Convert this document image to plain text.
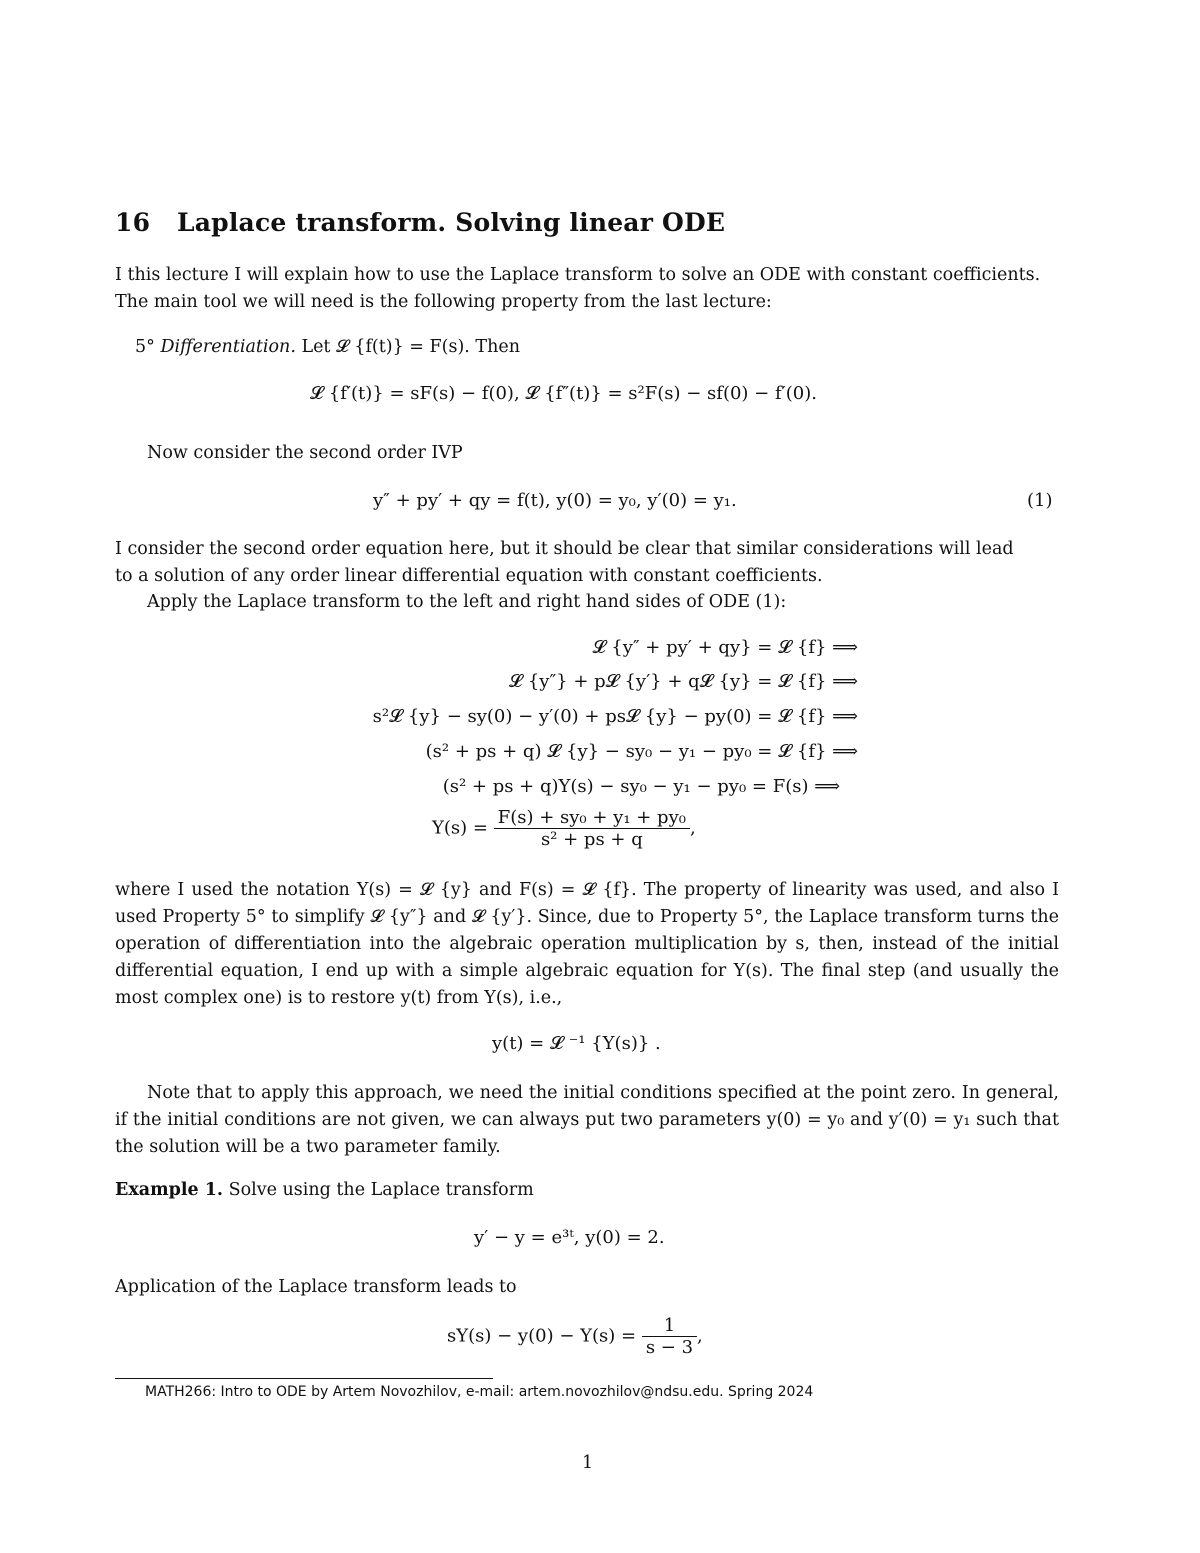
16 Laplace transform. Solving linear ODE
I this lecture I will explain how to use the Laplace transform to solve an ODE with constant coefficients.
The main tool we will need is the following property from the last lecture:
5° Differentiation. Let 𝓛 {f(t)} = F(s). Then
𝓛 {f′(t)} = sF(s) − f(0), 𝓛 {f″(t)} = s²F(s) − sf(0) − f′(0).
Now consider the second order IVP
y″ + py′ + qy = f(t), y(0) = y₀, y′(0) = y₁.	(1)
I consider the second order equation here, but it should be clear that similar considerations will lead
to a solution of any order linear differential equation with constant coefficients.
Apply the Laplace transform to the left and right hand sides of ODE (1):
𝓛 {y″ + py′ + qy} = 𝓛 {f} ⟹
𝓛 {y″} + p𝓛 {y′} + q𝓛 {y} = 𝓛 {f} ⟹
s²𝓛 {y} − sy(0) − y′(0) + ps𝓛 {y} − py(0) = 𝓛 {f} ⟹
(s² + ps + q) 𝓛 {y} − sy₀ − y₁ − py₀ = 𝓛 {f} ⟹
(s² + ps + q)Y(s) − sy₀ − y₁ − py₀ = F(s) ⟹
$Y(s) = \frac{\text{F(s) + sy₀ + y₁ + py₀}}{\text{s² + ps + q}}$ ,
where I used the notation Y(s) = 𝓛 {y} and F(s) = 𝓛 {f}. The property of linearity was used, and also I used Property 5° to simplify 𝓛 {y″} and 𝓛 {y′}. Since, due to Property 5°, the Laplace transform turns the operation of differentiation into the algebraic operation multiplication by s, then, instead of the initial differential equation, I end up with a simple algebraic equation for Y(s). The final step (and usually the most complex one) is to restore y(t) from Y(s), i.e.,
y(t) = 𝓛 ⁻¹ {Y(s)} .
Note that to apply this approach, we need the initial conditions specified at the point zero. In general, if the initial conditions are not given, we can always put two parameters y(0) = y₀ and y′(0) = y₁ such that the solution will be a two parameter family.
Example 1. Solve using the Laplace transform
y′ − y = e³ᵗ, y(0) = 2.
Application of the Laplace transform leads to
$sY(s) - y(0) - Y(s) = \frac{1}{s - 3}$ ,
MATH266: Intro to ODE by Artem Novozhilov, e-mail: artem.novozhilov@ndsu.edu. Spring 2024
1
